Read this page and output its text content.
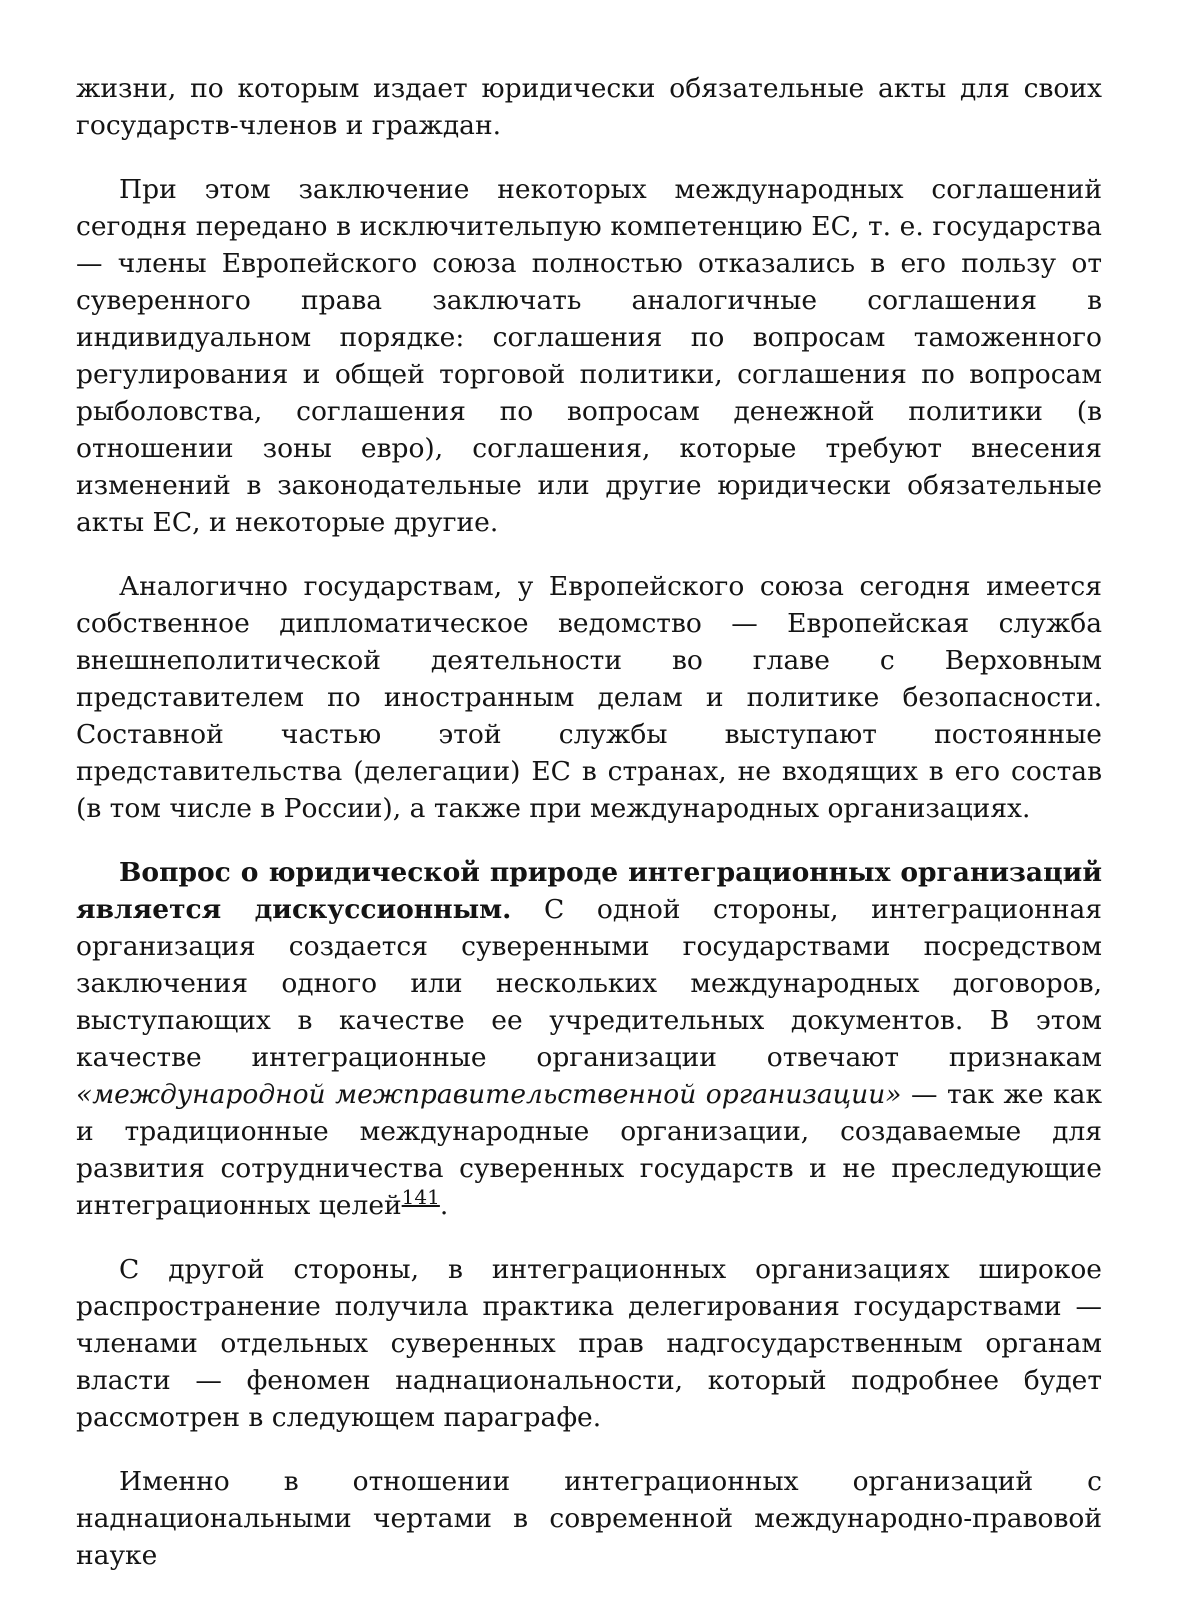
жизни, по которым издает юридически обязательные акты для своих государств-членов и граждан.

При этом заключение некоторых международных соглашений сегодня передано в исключительпую компетенцию ЕС, т. е. государства — члены Европейского союза полностью отказались в его пользу от суверенного права заключать аналогичные соглашения в индивидуальном порядке: соглашения по вопросам таможенного регулирования и общей торговой политики, соглашения по вопросам рыболовства, соглашения по вопросам денежной политики (в отношении зоны евро), соглашения, которые требуют внесения изменений в законодательные или другие юридически обязательные акты ЕС, и некоторые другие.

Аналогично государствам, у Европейского союза сегодня имеется собственное дипломатическое ведомство — Европейская служба внешнеполитической деятельности во главе с Верховным представителем по иностранным делам и политике безопасности. Составной частью этой службы выступают постоянные представительства (делегации) ЕС в странах, не входящих в его состав (в том числе в России), а также при международных организациях.

Вопрос о юридической природе интеграционных организаций является дискуссионным. С одной стороны, интеграционная организация создается суверенными государствами посредством заключения одного или нескольких международных договоров, выступающих в качестве ее учредительных документов. В этом качестве интеграционные организации отвечают признакам «международной межправительственной организации» — так же как и традиционные международные организации, создаваемые для развития сотрудничества суверенных государств и не преследующие интеграционных целей$^{141}$.

С другой стороны, в интеграционных организациях широкое распространение получила практика делегирования государствами — членами отдельных суверенных прав надгосударственным органам власти — феномен наднациональности, который подробнее будет рассмотрен в следующем параграфе.

Именно в отношении интеграционных организаций с наднациональными чертами в современной международно-правовой науке
